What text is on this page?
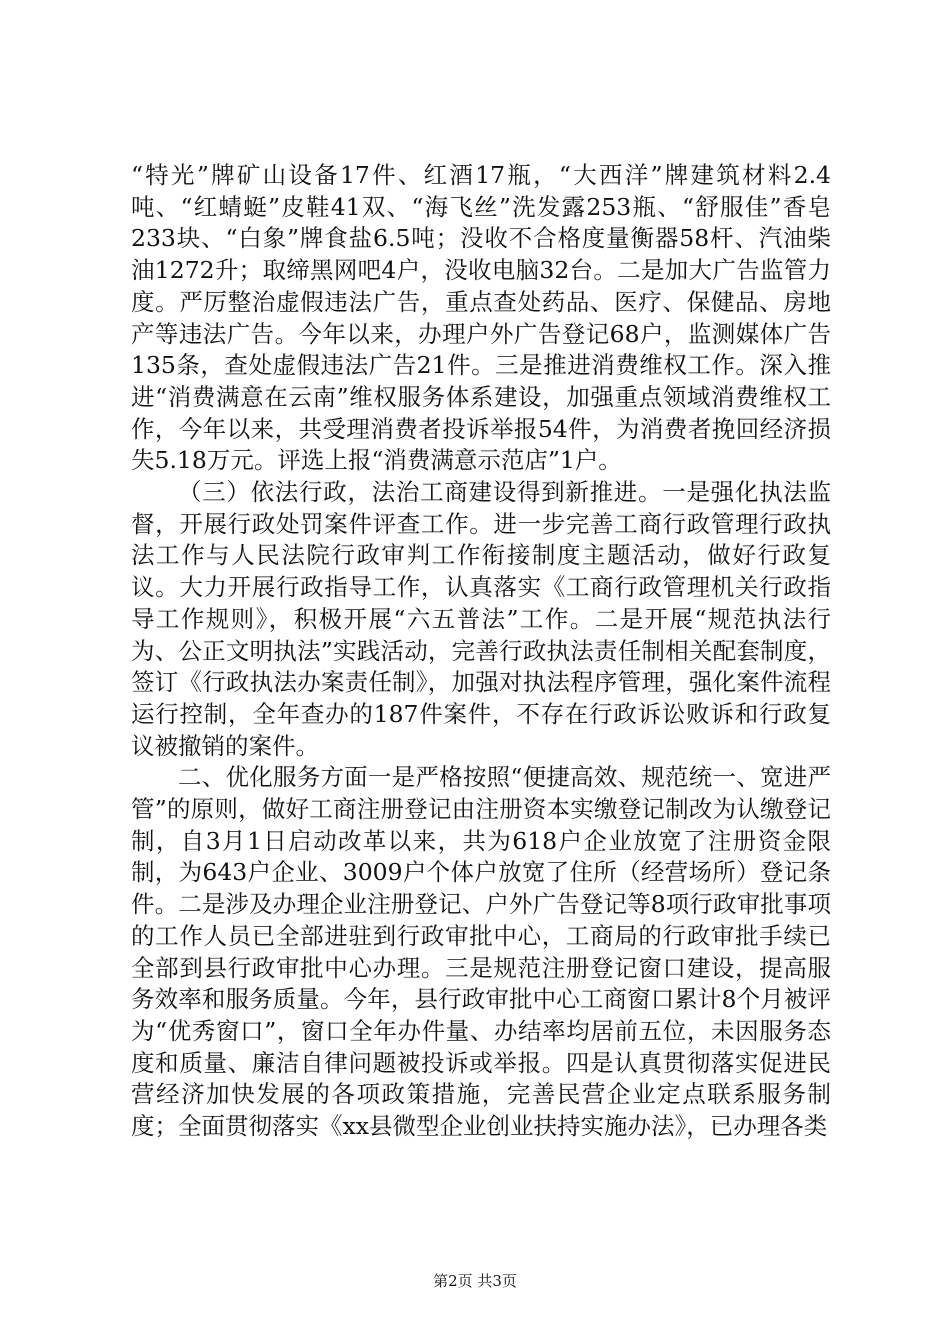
“特光”牌矿山设备17件、红酒17瓶，“大西洋”牌建筑材料2.4吨、“红蜻蜓”皮鞋41双、“海飞丝”洗发露253瓶、“舒服佳”香皂233块、“白象”牌食盐6.5吨；没收不合格度量衡器58杆、汽油柴油1272升；取缔黑网吧4户，没收电脑32台。二是加大广告监管力度。严厉整治虚假违法广告，重点查处药品、医疗、保健品、房地产等违法广告。今年以来，办理户外广告登记68户，监测媒体广告135条，查处虚假违法广告21件。三是推进消费维权工作。深入推进“消费满意在云南”维权服务体系建设，加强重点领域消费维权工作，今年以来，共受理消费者投诉举报54件，为消费者挽回经济损失5.18万元。评选上报“消费满意示范店”1户。

（三）依法行政，法治工商建设得到新推进。一是强化执法监督，开展行政处罚案件评查工作。进一步完善工商行政管理行政执法工作与人民法院行政审判工作衔接制度主题活动，做好行政复议。大力开展行政指导工作，认真落实《工商行政管理机关行政指导工作规则》，积极开展“六五普法”工作。二是开展“规范执法行为、公正文明执法”实践活动，完善行政执法责任制相关配套制度，签订《行政执法办案责任制》，加强对执法程序管理，强化案件流程运行控制，全年查办的187件案件，不存在行政诉讼败诉和行政复议被撤销的案件。

二、优化服务方面一是严格按照“便捷高效、规范统一、宽进严管”的原则，做好工商注册登记由注册资本实缴登记制改为认缴登记制，自3月1日启动改革以来，共为618户企业放宽了注册资金限制，为643户企业、3009户个体户放宽了住所（经营场所）登记条件。二是涉及办理企业注册登记、户外广告登记等8项行政审批事项的工作人员已全部进驻到行政审批中心，工商局的行政审批手续已全部到县行政审批中心办理。三是规范注册登记窗口建设，提高服务效率和服务质量。今年，县行政审批中心工商窗口累计8个月被评为“优秀窗口”，窗口全年办件量、办结率均居前五位，未因服务态度和质量、廉洁自律问题被投诉或举报。四是认真贯彻落实促进民营经济加快发展的各项政策措施，完善民营企业定点联系服务制度；全面贯彻落实《xx县微型企业创业扶持实施办法》，已办理各类

第2页 共3页
